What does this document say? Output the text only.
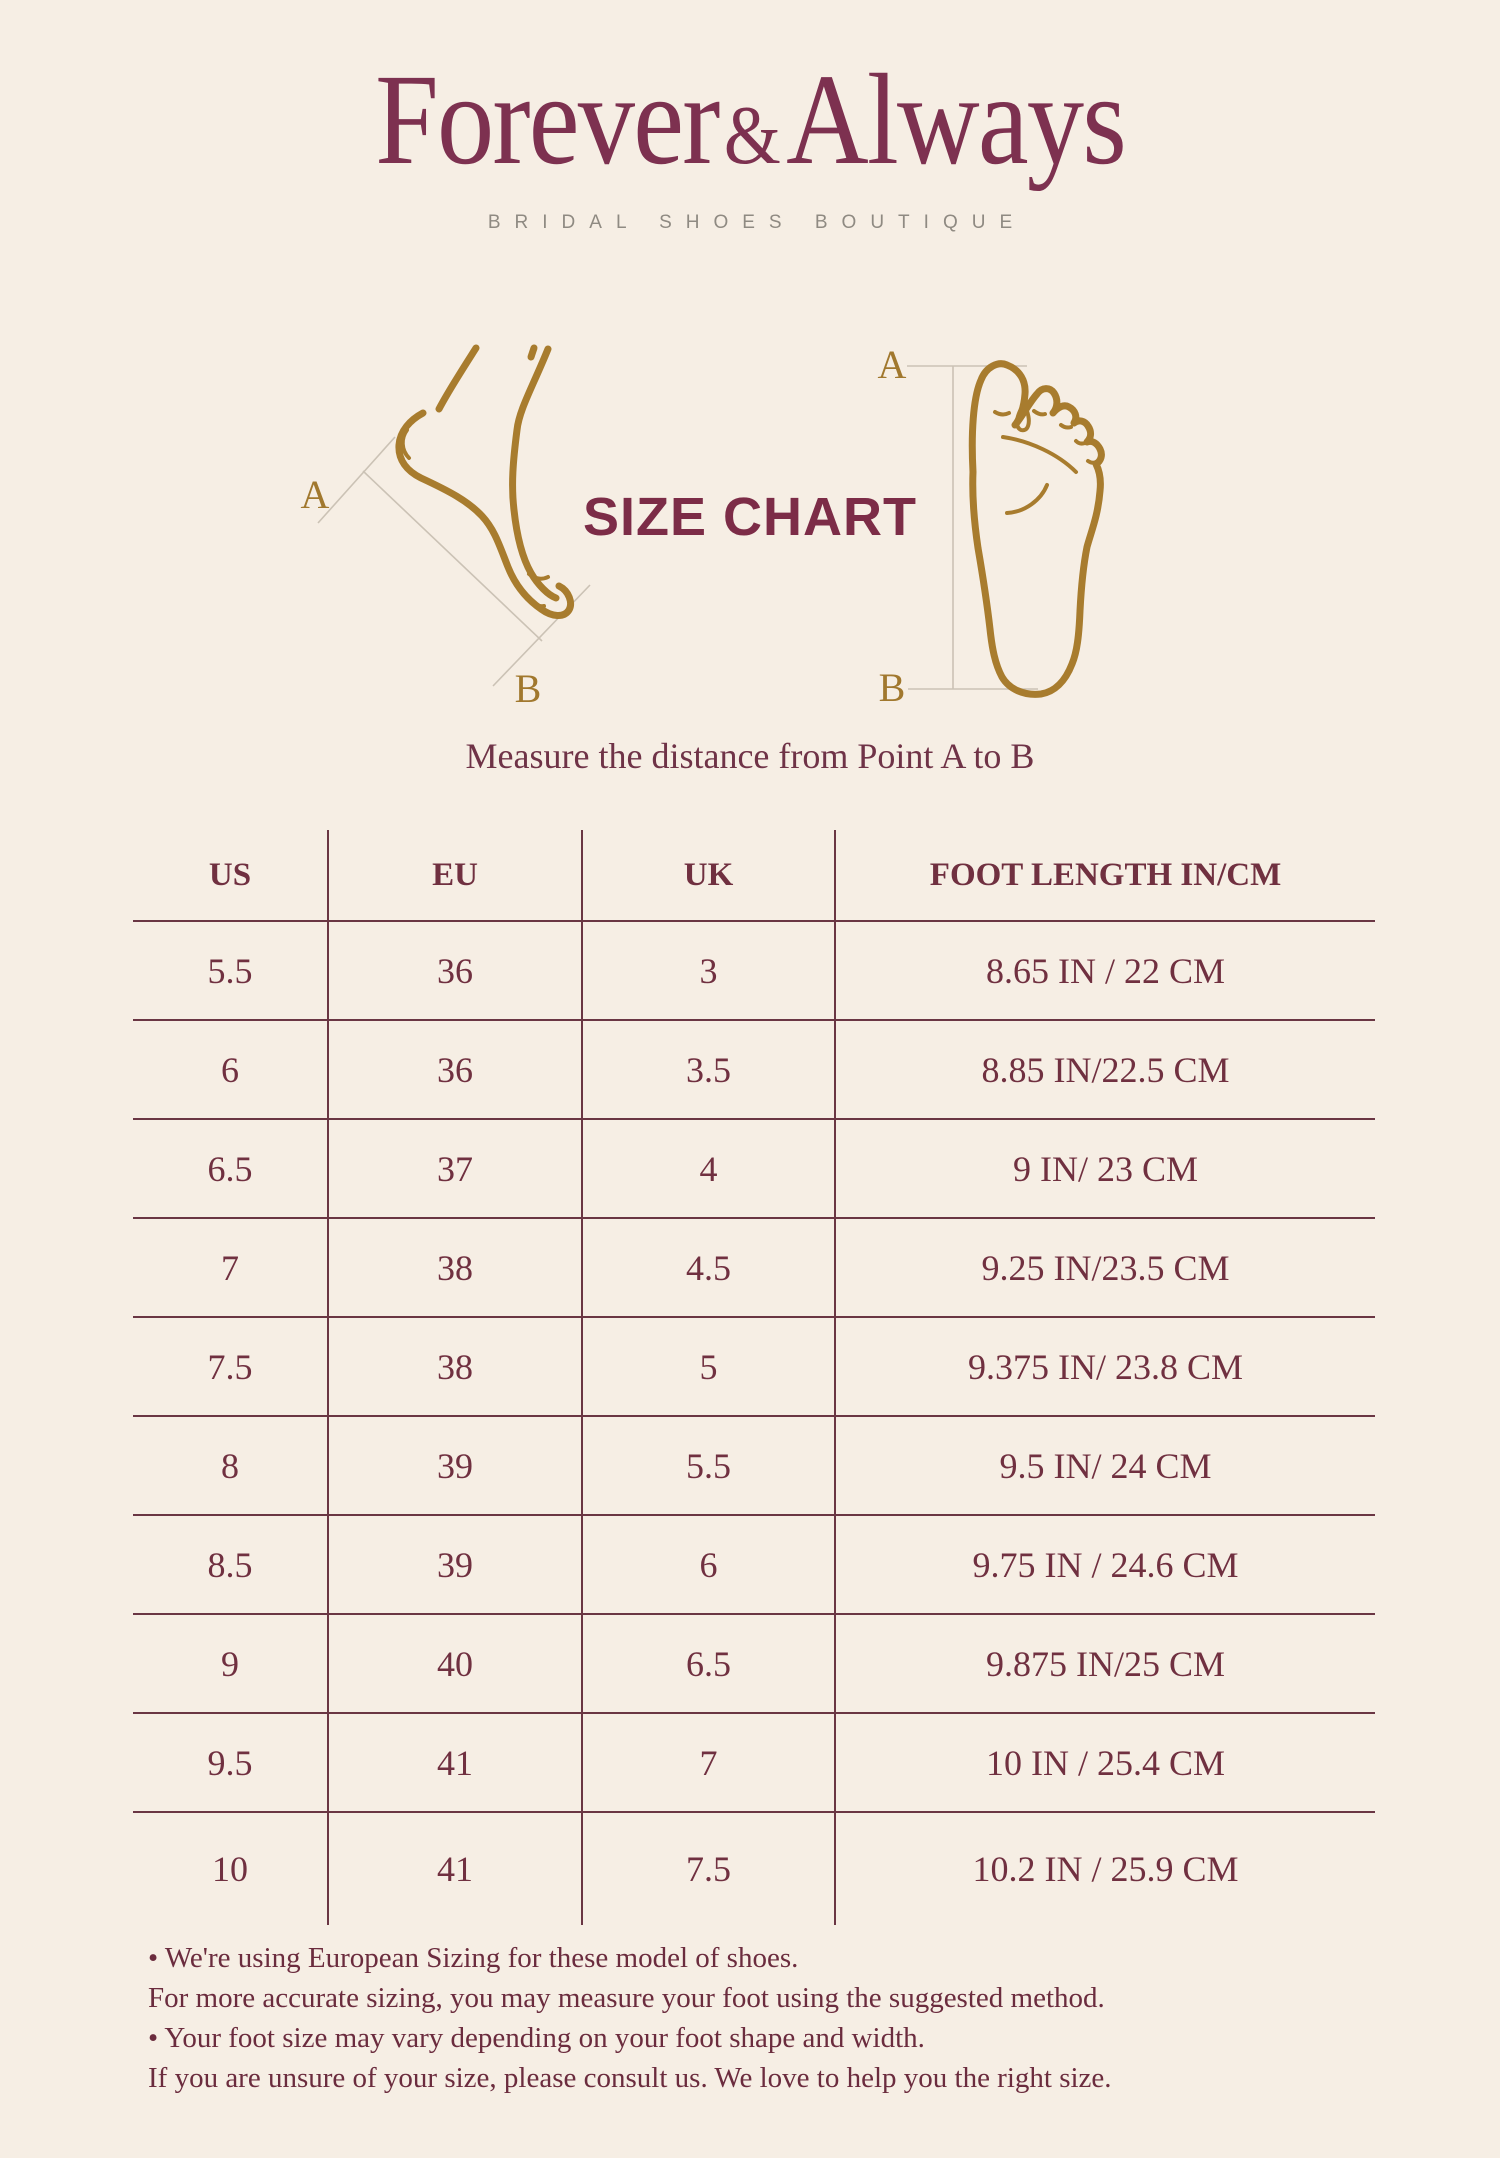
Forever&Always
BRIDAL SHOES BOUTIQUE
A
B
SIZE CHART
A
B
Measure the distance from Point A to B
US	EU	UK	FOOT LENGTH IN/CM
5.5	36	3	8.65 IN / 22 CM
6	36	3.5	8.85 IN/22.5 CM
6.5	37	4	9 IN/ 23 CM
7	38	4.5	9.25 IN/23.5 CM
7.5	38	5	9.375 IN/ 23.8 CM
8	39	5.5	9.5 IN/ 24 CM
8.5	39	6	9.75 IN / 24.6 CM
9	40	6.5	9.875 IN/25 CM
9.5	41	7	10 IN / 25.4 CM
10	41	7.5	10.2 IN / 25.9 CM

• We're using European Sizing for these model of shoes.

For more accurate sizing, you may measure your foot using the suggested method.

• Your foot size may vary depending on your foot shape and width.

If you are unsure of your size, please consult us. We love to help you the right size.
